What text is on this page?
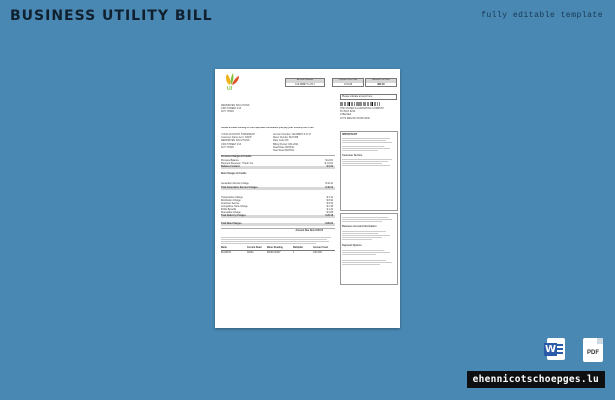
BUSINESS UTILITY BILL	fully editable template
UI
Account Number
100-98887-5-1717
Payment Due Date
JUN-08
Amount Due Now
$80.00
Please indicate amount here
MEMORVEN SOLUTIONS
1360 STREET 213
ANY TOWN
THE UNITED ILLUMINATING COMPANY
PO BOX 9230
CHELSEA
LOTS REGION 02150-9230
Please include nothing for the Important Information you pay your monthly bill in full
YOUR ACCOUNT STATEMENT
Customer Name Acct: NAPP
MEMORVEN SOLUTIONS
1360 STREET 213
ANY TOWN
Account Number 100-98887-5-1717
Meter Number 8127468
Rate Code RS
Billing Period JUN-2021
Read Date 05/25/21
Next Read 06/25/21
Previous Charges & Credits
Previous Balance	$ 12.81
Payment Received - Thank You	$ -12.81
Balance Forward	$ 0.00
New Charges & Credits
Generation Service Charge	$ 42.10
Total Generation Service Charges	$ 42.10
Transmission Charge	$ 3.14
Distribution Charge	$ 8.92
Customer Service	$ 9.64
Competitive Trans Charge	$ 2.38
Public Benefits	$ 1.22
Renewable Charge	$ 0.88
Total Delivery Charges	$ 26.18
Total New Charges	$ 80.00
Amount Due Now $ 80.00
Meter	Current Read Meter Reading	Multiplier	Amount Used
81126874	32604	85209-30307	1	100 kWh
IMPORTANT
Customer Service
Business Account Information
Payment Options
W	PDF
ehennicotschoepges.lu
